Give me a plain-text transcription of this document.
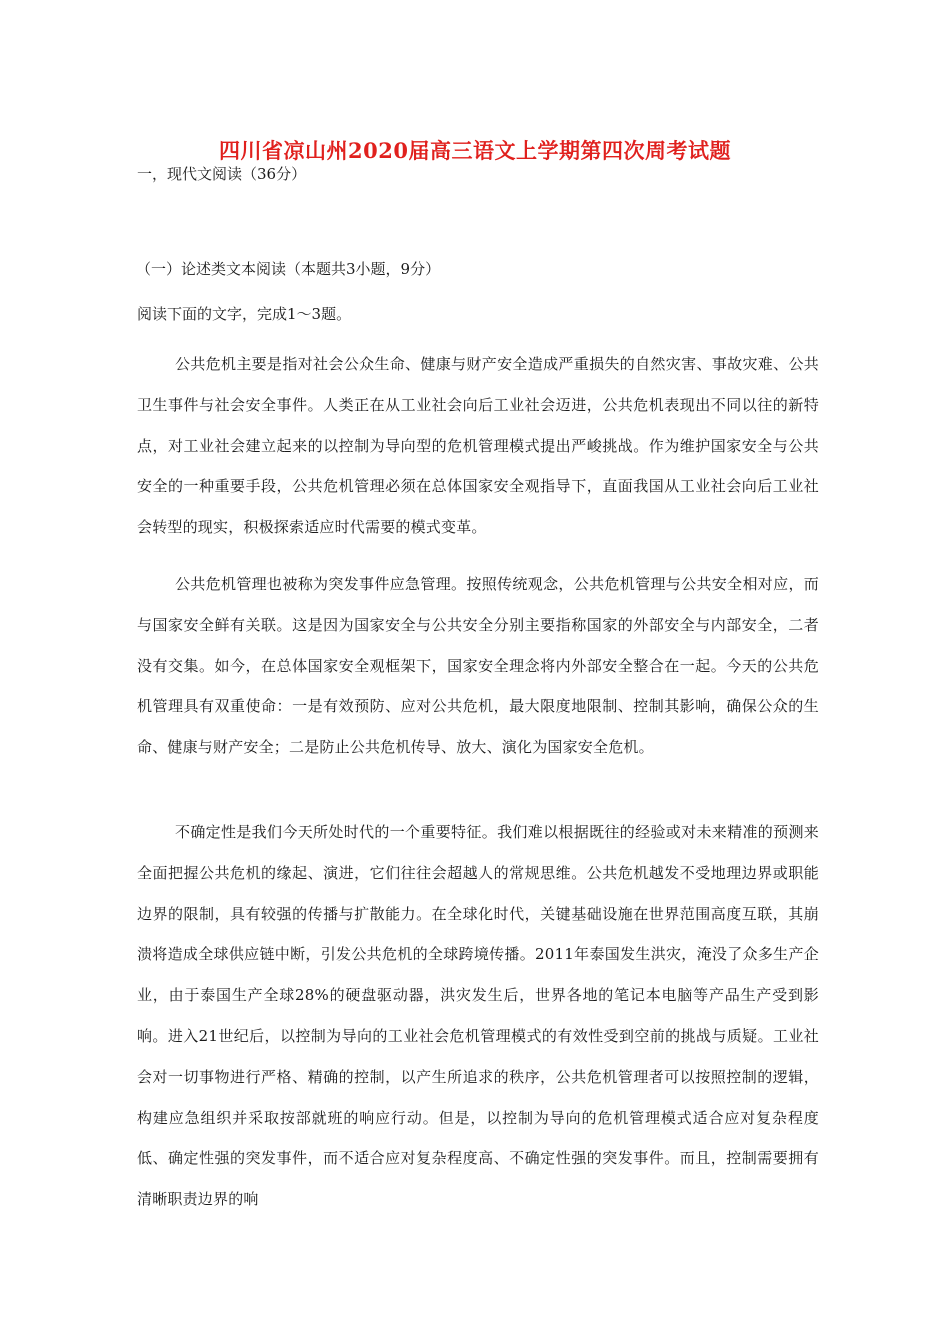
四川省凉山州2020届高三语文上学期第四次周考试题
一，现代文阅读（36分）
（一）论述类文本阅读（本题共3小题，9分）
阅读下面的文字，完成1～3题。

公共危机主要是指对社会公众生命、健康与财产安全造成严重损失的自然灾害、事故灾难、公共卫生事件与社会安全事件。人类正在从工业社会向后工业社会迈进，公共危机表现出不同以往的新特点，对工业社会建立起来的以控制为导向型的危机管理模式提出严峻挑战。作为维护国家安全与公共安全的一种重要手段，公共危机管理必须在总体国家安全观指导下，直面我国从工业社会向后工业社会转型的现实，积极探索适应时代需要的模式变革。

公共危机管理也被称为突发事件应急管理。按照传统观念，公共危机管理与公共安全相对应，而与国家安全鲜有关联。这是因为国家安全与公共安全分别主要指称国家的外部安全与内部安全，二者没有交集。如今，在总体国家安全观框架下，国家安全理念将内外部安全整合在一起。今天的公共危机管理具有双重使命：一是有效预防、应对公共危机，最大限度地限制、控制其影响，确保公众的生命、健康与财产安全；二是防止公共危机传导、放大、演化为国家安全危机。

不确定性是我们今天所处时代的一个重要特征。我们难以根据既往的经验或对未来精准的预测来全面把握公共危机的缘起、演进，它们往往会超越人的常规思维。公共危机越发不受地理边界或职能边界的限制，具有较强的传播与扩散能力。在全球化时代，关键基础设施在世界范围高度互联，其崩溃将造成全球供应链中断，引发公共危机的全球跨境传播。2011年泰国发生洪灾，淹没了众多生产企业，由于泰国生产全球28%的硬盘驱动器，洪灾发生后，世界各地的笔记本电脑等产品生产受到影响。进入21世纪后，以控制为导向的工业社会危机管理模式的有效性受到空前的挑战与质疑。工业社会对一切事物进行严格、精确的控制，以产生所追求的秩序，公共危机管理者可以按照控制的逻辑，构建应急组织并采取按部就班的响应行动。但是，以控制为导向的危机管理模式适合应对复杂程度低、确定性强的突发事件，而不适合应对复杂程度高、不确定性强的突发事件。而且，控制需要拥有清晰职责边界的响
